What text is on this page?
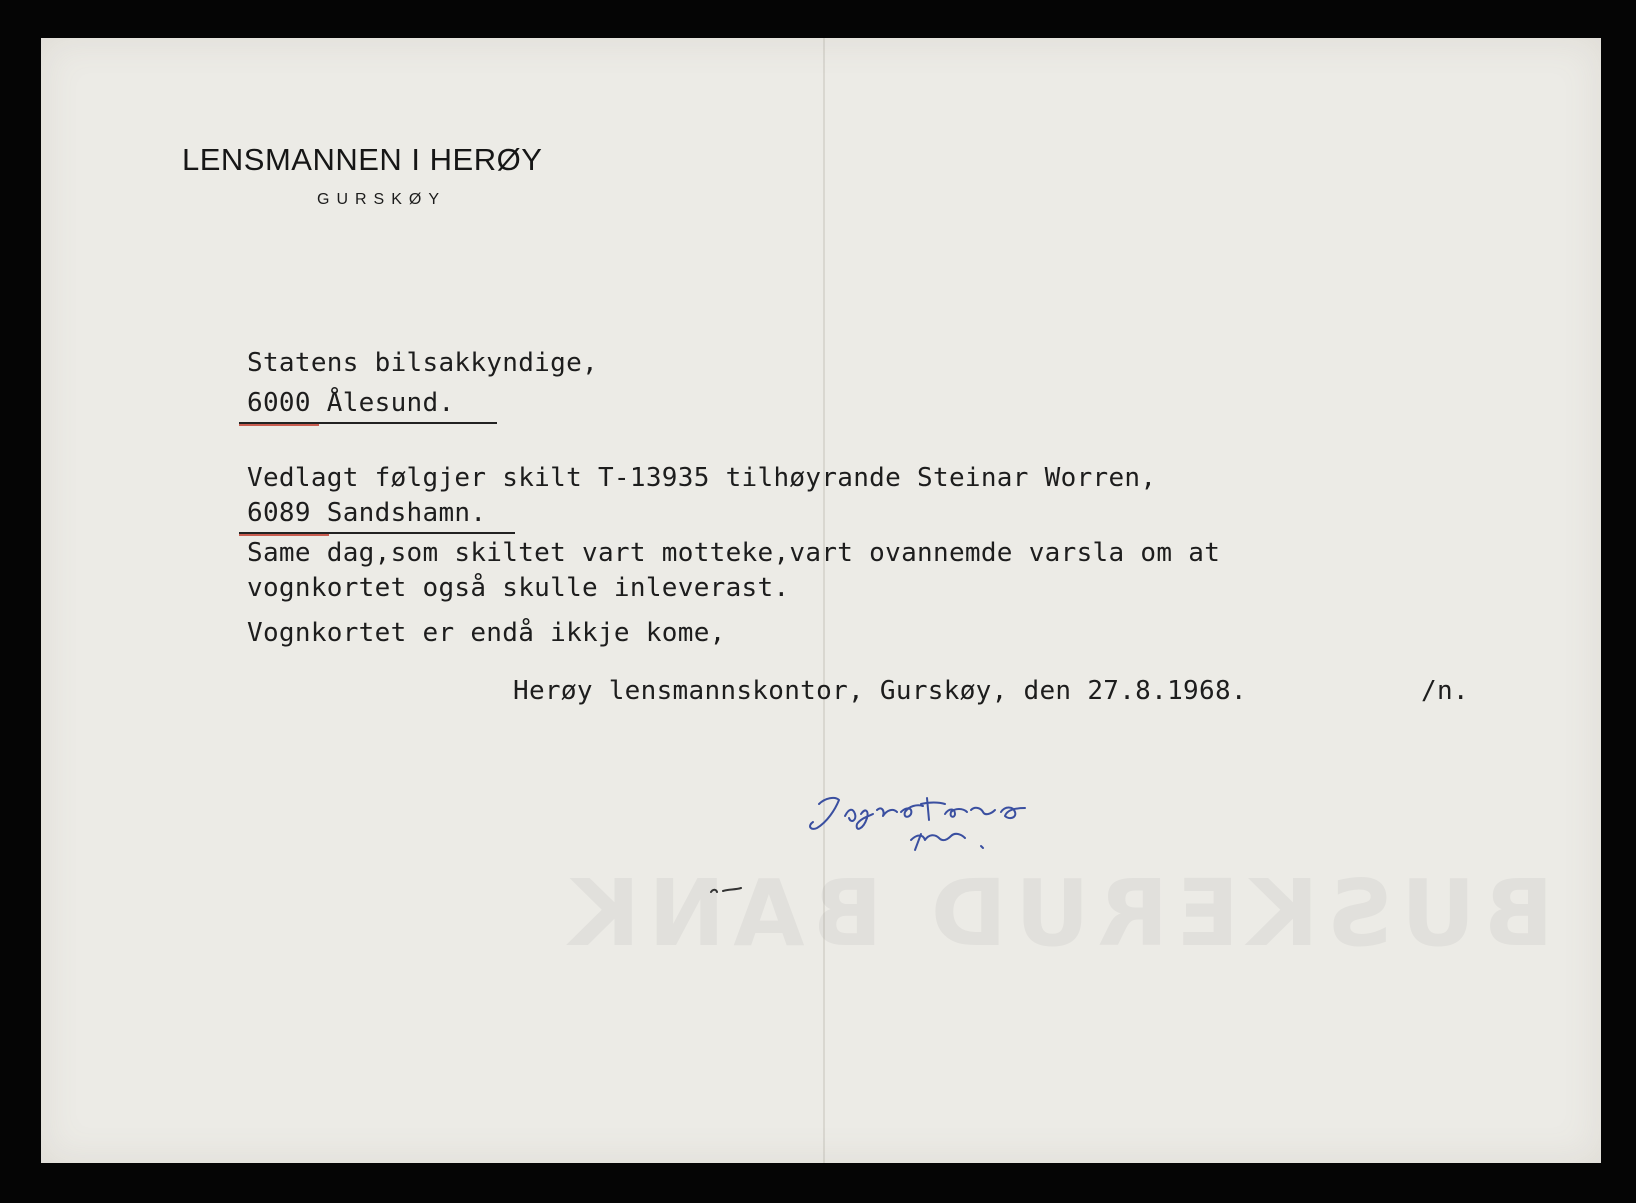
BUSKERUD BANK
LENSMANNEN I HERØY
GURSKØY
Statens bilsakkyndige,
6000 Ålesund.
Vedlagt følgjer skilt T-13935 tilhøyrande Steinar Worren,
6089 Sandshamn.
Same dag,som skiltet vart motteke,vart ovannemde varsla om at
vognkortet også skulle inleverast.
Vognkortet er endå ikkje kome,
Herøy lensmannskontor, Gurskøy, den 27.8.1968.	/n.
